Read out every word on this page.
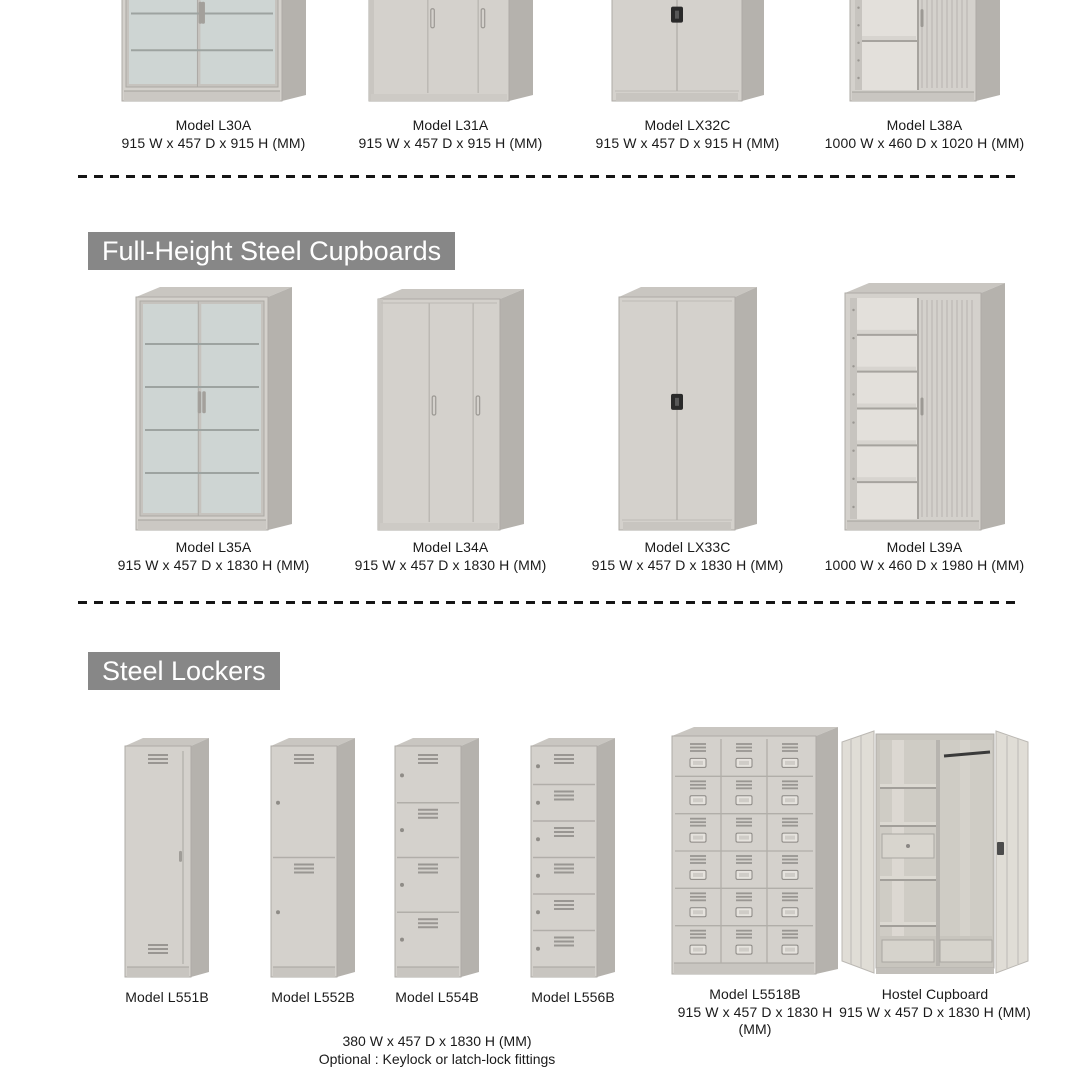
Model L30A
915 W x 457 D x 915 H (MM)
Model L31A
915 W x 457 D x 915 H (MM)
Model LX32C
915 W x 457 D x 915 H (MM)
Model L38A
1000 W x 460 D x 1020 H (MM)
Full-Height Steel Cupboards
Model L35A
915 W x 457 D x 1830 H (MM)
Model L34A
915 W x 457 D x 1830 H (MM)
Model LX33C
915 W x 457 D x 1830 H (MM)
Model L39A
1000 W x 460 D x 1980 H (MM)
Steel Lockers
380 W x 457 D x 1830 H (MM)
Optional : Keylock or latch-lock fittings
Model L551B	Model L552B	Model L554B	Model L556B	Model L5518B
915 W x 457 D x 1830 H (MM)
Hostel Cupboard
915 W x 457 D x 1830 H (MM)
